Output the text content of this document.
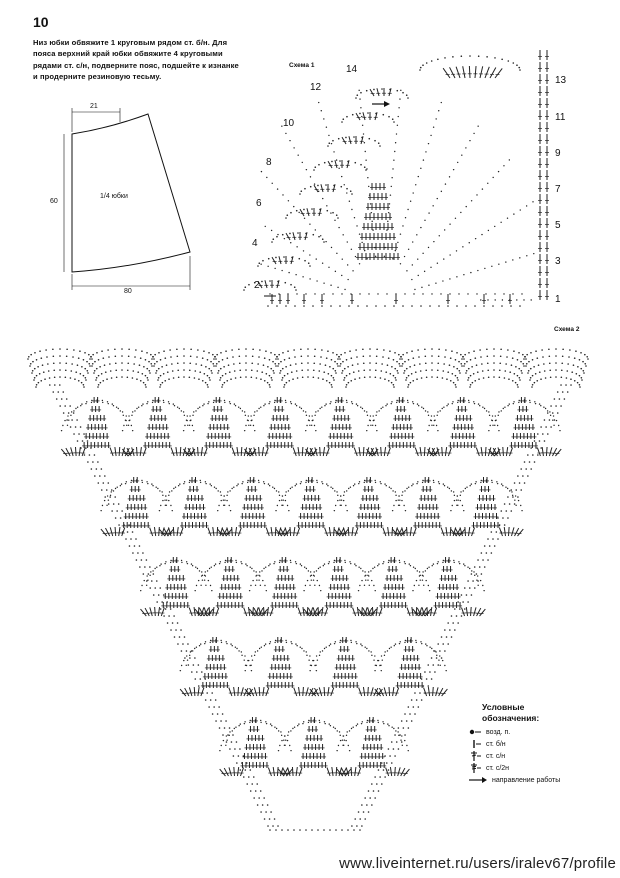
10
Низ юбки обвяжите 1 круговым рядом ст. б/н. Для пояса верхний край юбки обвяжите 4 круговыми рядами ст. с/н, подверните пояс, подшейте к изнанке и продерните резиновую тесьму.
21
60
80
1/4 юбки
Схема 1
2
4
6
8
10
12
14
1
3
5
7
9
11
13
Схема 2
Условные
обозначения:
возд. п.
ст. б/н
ст. с/н
ст. с/2н
направление работы
www.liveinternet.ru/users/iralev67/profile
